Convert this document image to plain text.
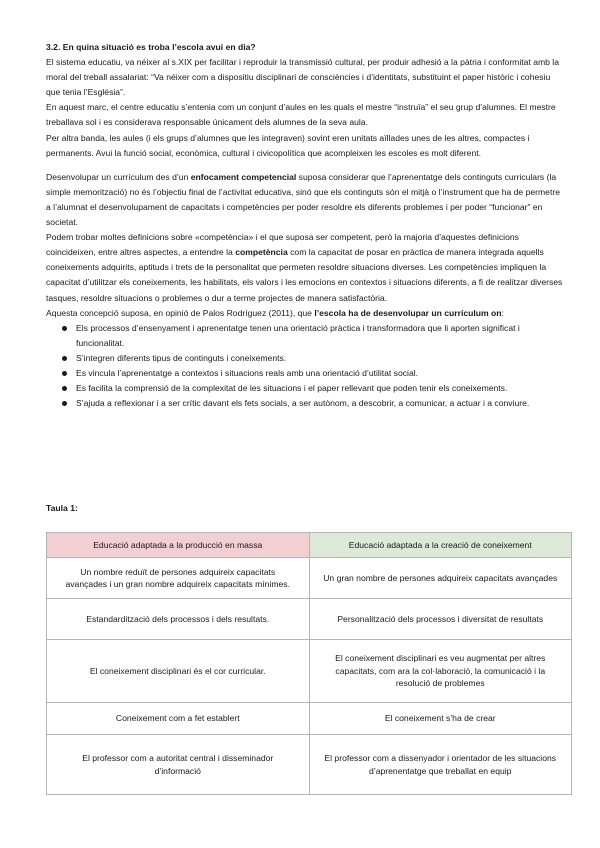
3.2. En quina situació es troba l’escola avui en dia?

El sistema educatiu, va néixer al s.XIX per facilitar i reproduir la transmissió cultural, per produir adhesió a la pàtria i conformitat amb la moral del treball assalariat: “Va néixer com a dispositiu disciplinari de consciències i d’identitats, substituint el paper històric i cohesiu que tenia l’Església”.

En aquest marc, el centre educatiu s’entenia com un conjunt d’aules en les quals el mestre “instruïa” el seu grup d’alumnes. El mestre treballava sol i es considerava responsable únicament dels alumnes de la seva aula.

Per altra banda, les aules (i els grups d’alumnes que les integraven) sovint eren unitats aïllades unes de les altres, compactes i permanents. Avui la funció social, econòmica, cultural i civicopolítica que acompleixen les escoles es molt diferent.

Desenvolupar un currículum des d’un enfocament competencial suposa considerar que l’aprenentatge dels continguts curriculars (la simple memorització) no és l’objectiu final de l’activitat educativa, sinó que els continguts són el mitjà o l’instrument que ha de permetre a l’alumnat el desenvolupament de capacitats i competències per poder resoldre els diferents problemes i per poder “funcionar” en societat.

Podem trobar moltes definicions sobre «competència» i el que suposa ser competent, però la majoria d’aquestes definicions coincideixen, entre altres aspectes, a entendre la competència com la capacitat de posar en pràctica de manera integrada aquells coneixements adquirits, aptituds i trets de la personalitat que permeten resoldre situacions diverses. Les competències impliquen la capacitat d’utilitzar els coneixements, les habilitats, els valors i les emocions en contextos i situacions diferents, a fi de realitzar diverses tasques, resoldre situacions o problemes o dur a terme projectes de manera satisfactòria.

Aquesta concepció suposa, en opinió de Palos Rodríguez (2011), que l’escola ha de desenvolupar un currículum on:

Els processos d’ensenyament i aprenentatge tenen una orientació pràctica i transformadora que li aporten significat i funcionalitat.
S’integren diferents tipus de continguts i coneixements.
Es vincula l’aprenentatge a contextos i situacions reals amb una orientació d’utilitat social.
Es facilita la comprensió de la complexitat de les situacions i el paper rellevant que poden tenir els coneixements.
S’ajuda a reflexionar i a ser crític davant els fets socials, a ser autònom, a descobrir, a comunicar, a actuar i a conviure.
Taula 1:
Educació adaptada a la producció en massa	Educació adaptada a la creació de coneixement
Un nombre reduït de persones adquireix capacitats avançades i un gran nombre adquireix capacitats mínimes.	Un gran nombre de persones adquireix capacitats avançades
Estandardització dels processos i dels resultats.	Personalització dels processos i diversitat de resultats
El coneixement disciplinari és el cor curricular.	El coneixement disciplinari es veu augmentat per altres capacitats, com ara la col·laboració, la comunicació i la resolució de problemes
Coneixement com a fet establert	El coneixement s’ha de crear
El professor com a autoritat central i disseminador d’informació	El professor com a dissenyador i orientador de les situacions d’aprenentatge que treballat en equip
